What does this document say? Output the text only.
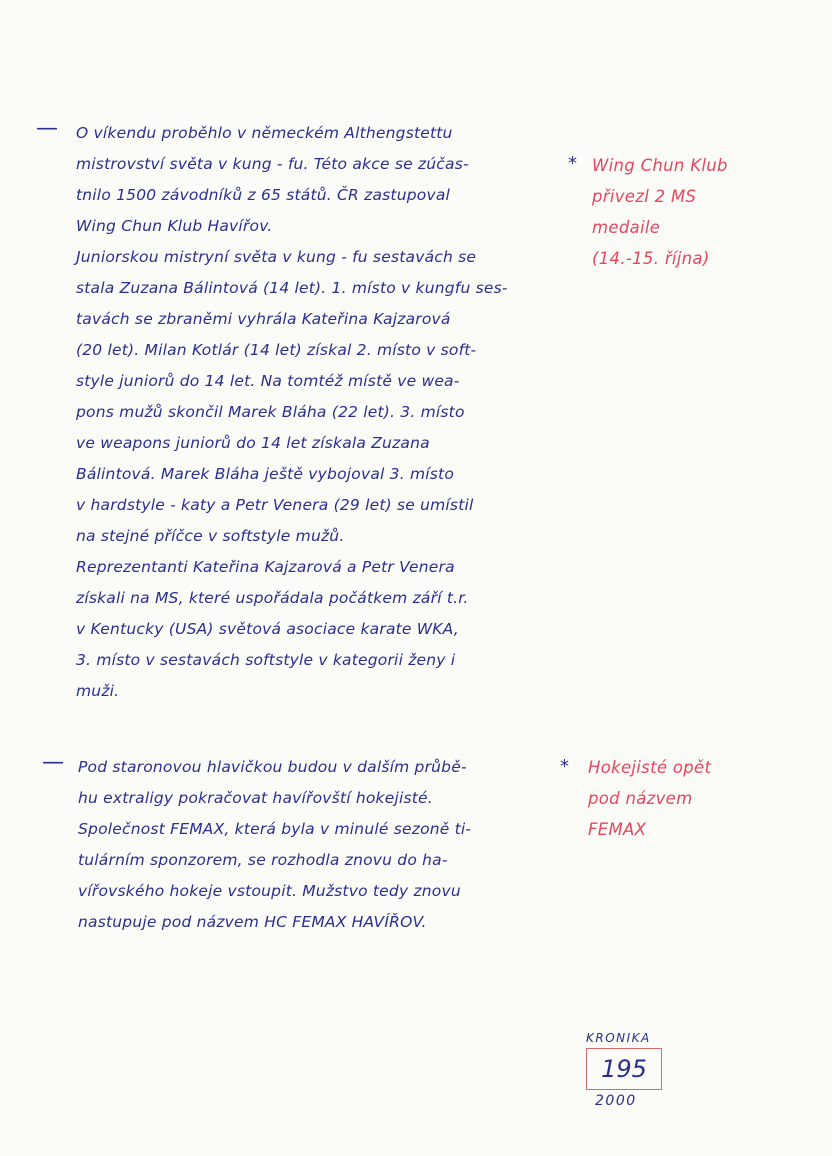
— O víkendu proběhlo v německém Althengstettu
mistrovství světa v kung - fu. Této akce se zúčas-
tnilo 1500 závodníků z 65 států. ČR zastupoval
Wing Chun Klub Havířov.
Juniorskou mistryní světa v kung - fu sestavách se
stala Zuzana Bálintová (14 let). 1. místo v kungfu ses-
tavách se zbraněmi vyhrála Kateřina Kajzarová
(20 let). Milan Kotlár (14 let) získal 2. místo v soft-
style juniorů do 14 let. Na tomtéž místě ve wea-
pons mužů skončil Marek Bláha (22 let). 3. místo
ve weapons juniorů do 14 let získala Zuzana
Bálintová. Marek Bláha ještě vybojoval 3. místo
v hardstyle - katy a Petr Venera (29 let) se umístil
na stejné příčce v softstyle mužů.
Reprezentanti Kateřina Kajzarová a Petr Venera
získali na MS, které uspořádala počátkem září t.r.
v Kentucky (USA) světová asociace karate WKA,
3. místo v sestavách softstyle v kategorii ženy i
muži.
* Wing Chun Klub
přivezl 2 MS
medaile
(14.-15. října)
— Pod staronovou hlavičkou budou v dalším průbě-
hu extraligy pokračovat havířovští hokejisté.
Společnost FEMAX, která byla v minulé sezoně ti-
tulárním sponzorem, se rozhodla znovu do ha-
vířovského hokeje vstoupit. Mužstvo tedy znovu
nastupuje pod názvem HC FEMAX HAVÍŘOV.
* Hokejisté opět
pod názvem
FEMAX
KRONIKA
195
2000
